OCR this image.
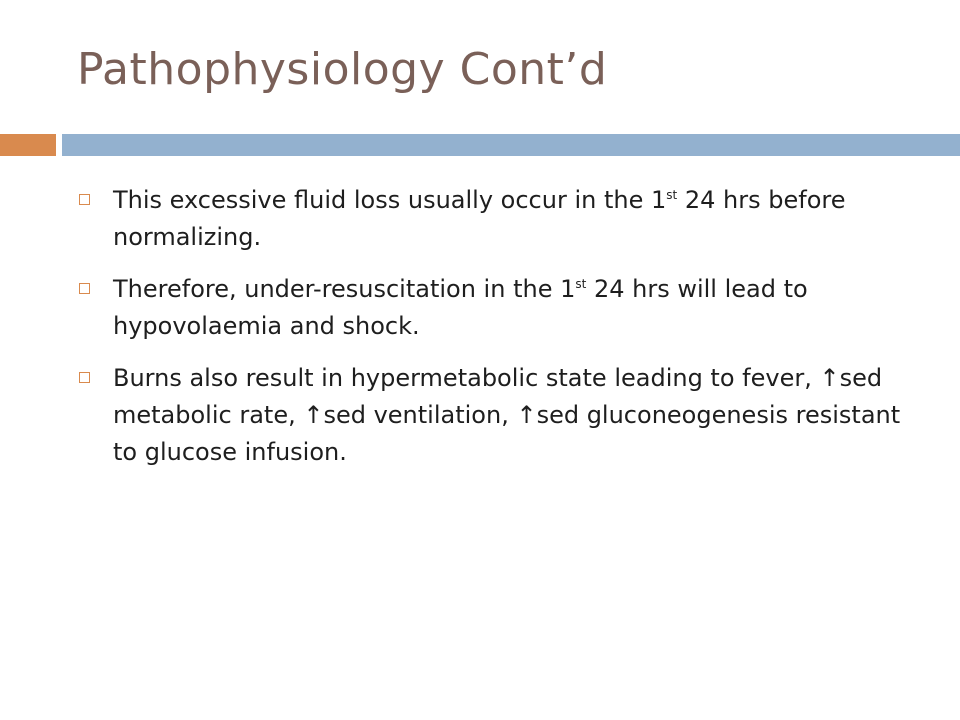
Pathophysiology Cont’d
This excessive fluid loss usually occur in the 1st 24 hrs before normalizing.
Therefore, under-resuscitation in the 1st 24 hrs will lead to hypovolaemia and shock.
Burns also result in hypermetabolic state leading to fever, ↑sed metabolic rate, ↑sed ventilation, ↑sed gluconeogenesis resistant to glucose infusion.
